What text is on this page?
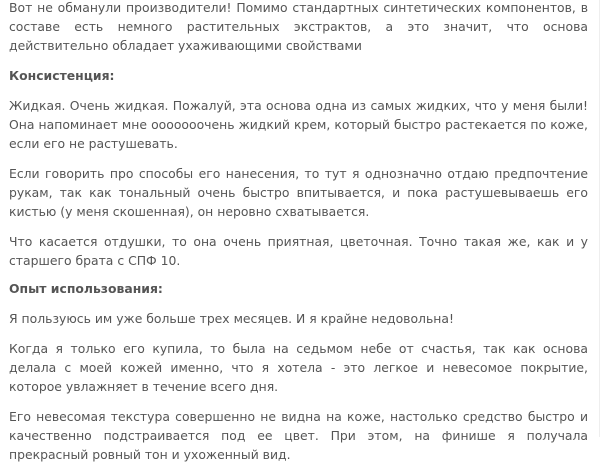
Вот не обманули производители! Помимо стандартных синтетических компонентов, в составе есть немного растительных экстрактов, а это значит, что основа действительно обладает ухаживающими свойствами

Консистенция:

Жидкая. Очень жидкая. Пожалуй, эта основа одна из самых жидких, что у меня были! Она напоминает мне ооооооочень жидкий крем, который быстро растекается по коже, если его не растушевать.

Если говорить про способы его нанесения, то тут я однозначно отдаю предпочтение рукам, так как тональный очень быстро впитывается, и пока растушевываешь его кистью (у меня скошенная), он неровно схватывается.

Что касается отдушки, то она очень приятная, цветочная. Точно такая же, как и у старшего брата с СПФ 10.

Опыт использования:

Я пользуюсь им уже больше трех месяцев. И я крайне недовольна!

Когда я только его купила, то была на седьмом небе от счастья, так как основа делала с моей кожей именно, что я хотела - это легкое и невесомое покрытие, которое увлажняет в течение всего дня.

Его невесомая текстура совершенно не видна на коже, настолько средство быстро и качественно подстраивается под ее цвет. При этом, на финише я получала прекрасный ровный тон и ухоженный вид.
